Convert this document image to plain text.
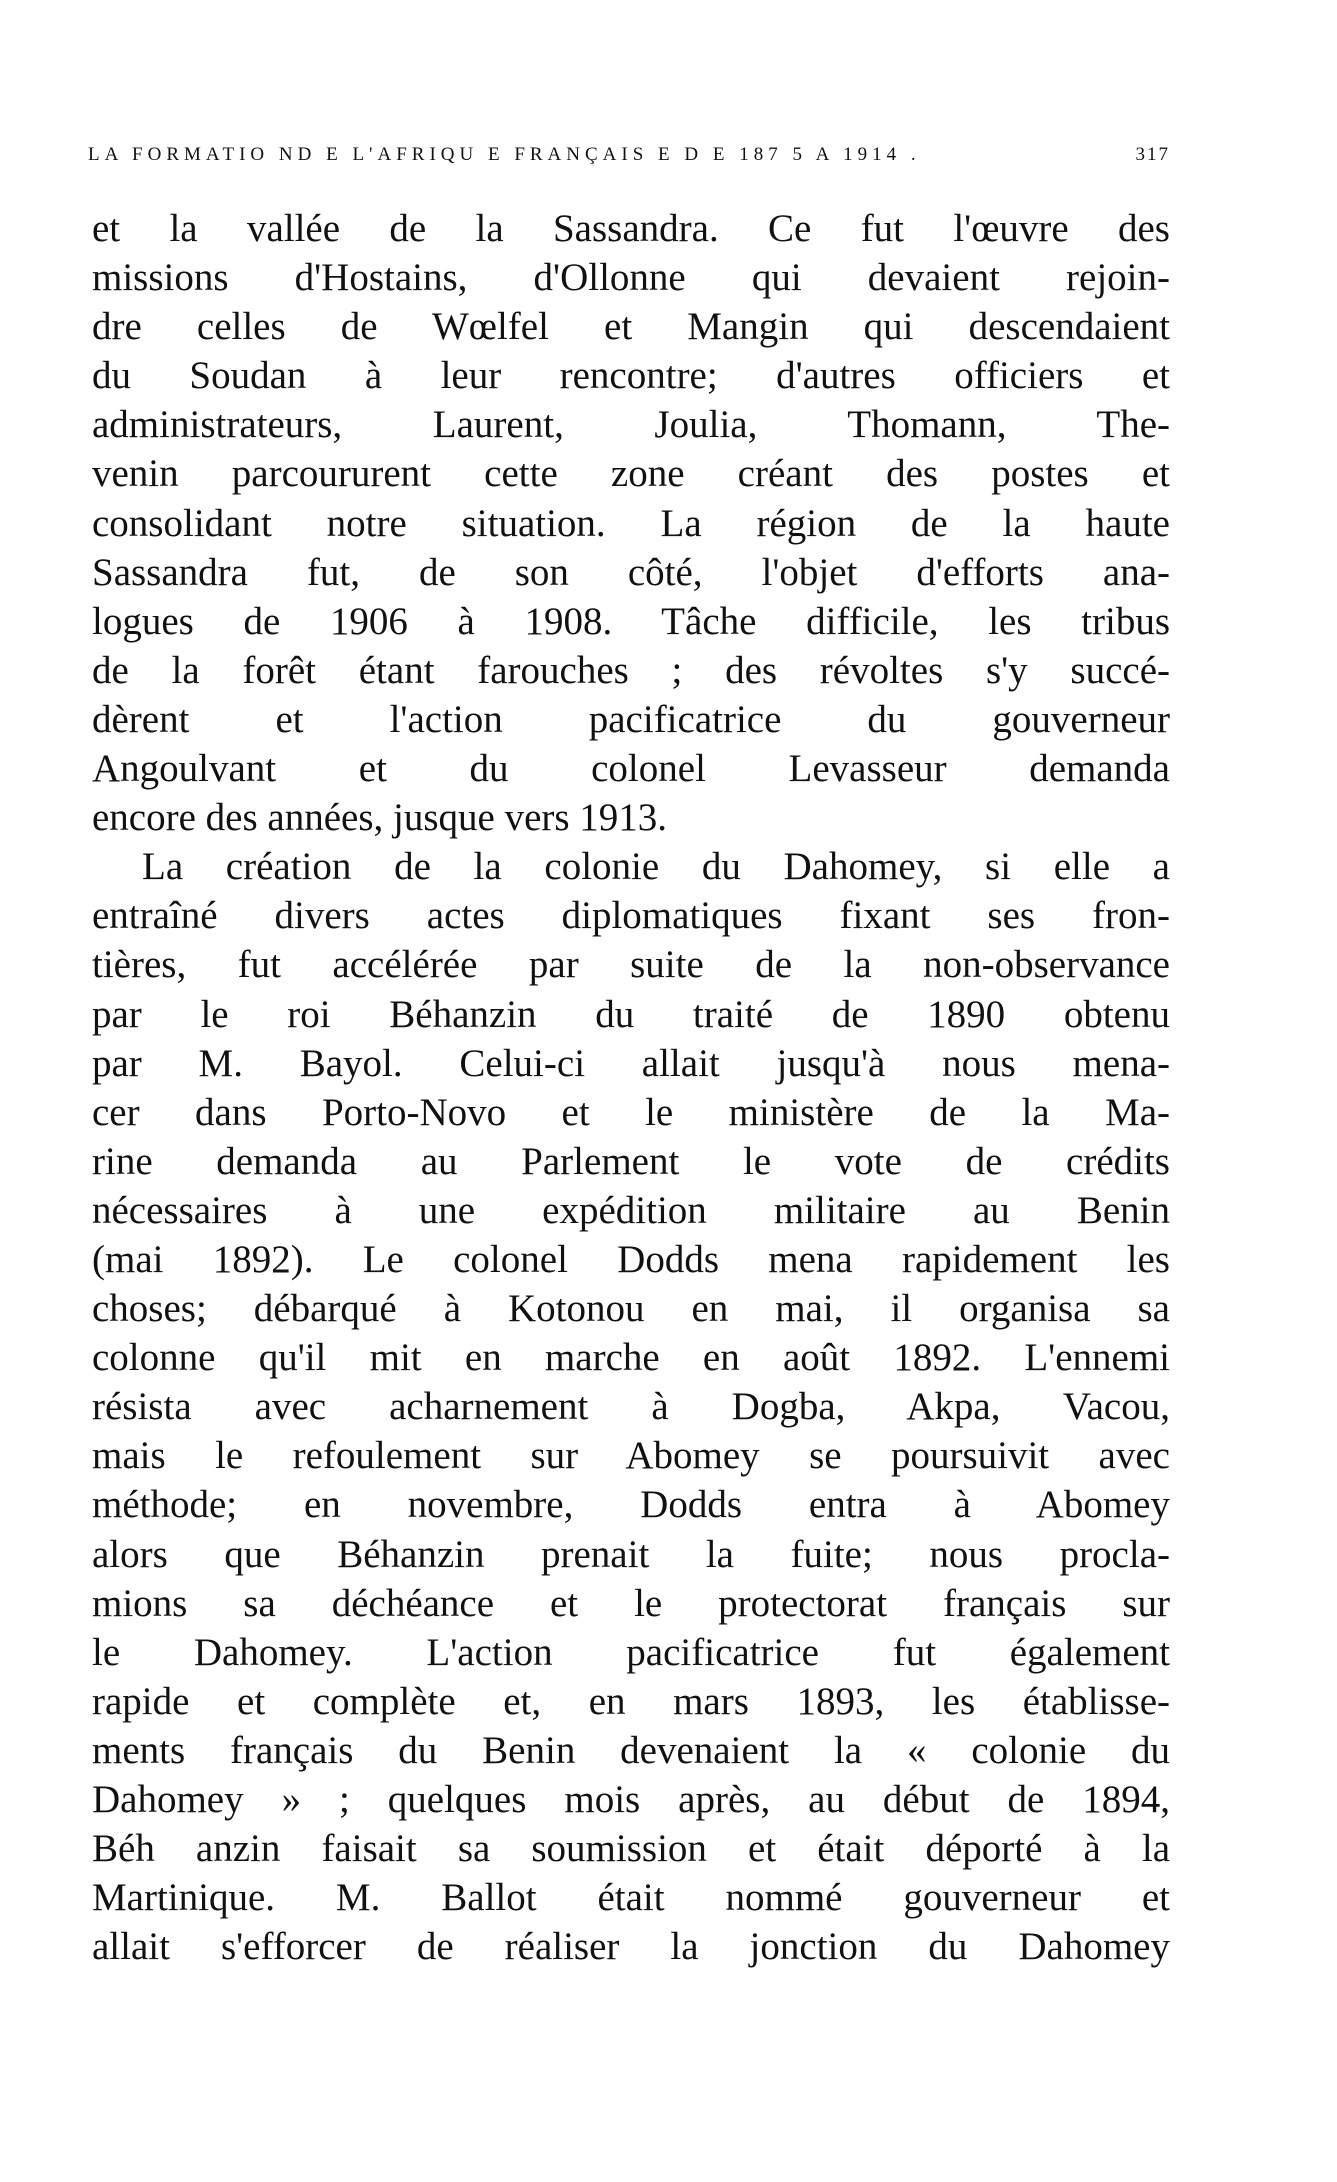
LA FORMATIO ND E L'AFRIQU E FRANÇAIS E D E 187 5 A 1914 .	317
et la vallée de la Sassandra. Ce fut l'œuvre des
missions d'Hostains, d'Ollonne qui devaient rejoin-
dre celles de Wœlfel et Mangin qui descendaient
du Soudan à leur rencontre; d'autres officiers et
administrateurs, Laurent, Joulia, Thomann, The-
venin parcoururent cette zone créant des postes et
consolidant notre situation. La région de la haute
Sassandra fut, de son côté, l'objet d'efforts ana-
logues de 1906 à 1908. Tâche difficile, les tribus
de la forêt étant farouches ; des révoltes s'y succé-
dèrent et l'action pacificatrice du gouverneur
Angoulvant et du colonel Levasseur demanda
encore des années, jusque vers 1913.
La création de la colonie du Dahomey, si elle a
entraîné divers actes diplomatiques fixant ses fron-
tières, fut accélérée par suite de la non-observance
par le roi Béhanzin du traité de 1890 obtenu
par M. Bayol. Celui-ci allait jusqu'à nous mena-
cer dans Porto-Novo et le ministère de la Ma-
rine demanda au Parlement le vote de crédits
nécessaires à une expédition militaire au Benin
(mai 1892). Le colonel Dodds mena rapidement les
choses; débarqué à Kotonou en mai, il organisa sa
colonne qu'il mit en marche en août 1892. L'ennemi
résista avec acharnement à Dogba, Akpa, Vacou,
mais le refoulement sur Abomey se poursuivit avec
méthode; en novembre, Dodds entra à Abomey
alors que Béhanzin prenait la fuite; nous procla-
mions sa déchéance et le protectorat français sur
le Dahomey. L'action pacificatrice fut également
rapide et complète et, en mars 1893, les établisse-
ments français du Benin devenaient la « colonie du
Dahomey » ; quelques mois après, au début de 1894,
Béh anzin faisait sa soumission et était déporté à la
Martinique. M. Ballot était nommé gouverneur et
allait s'efforcer de réaliser la jonction du Dahomey
